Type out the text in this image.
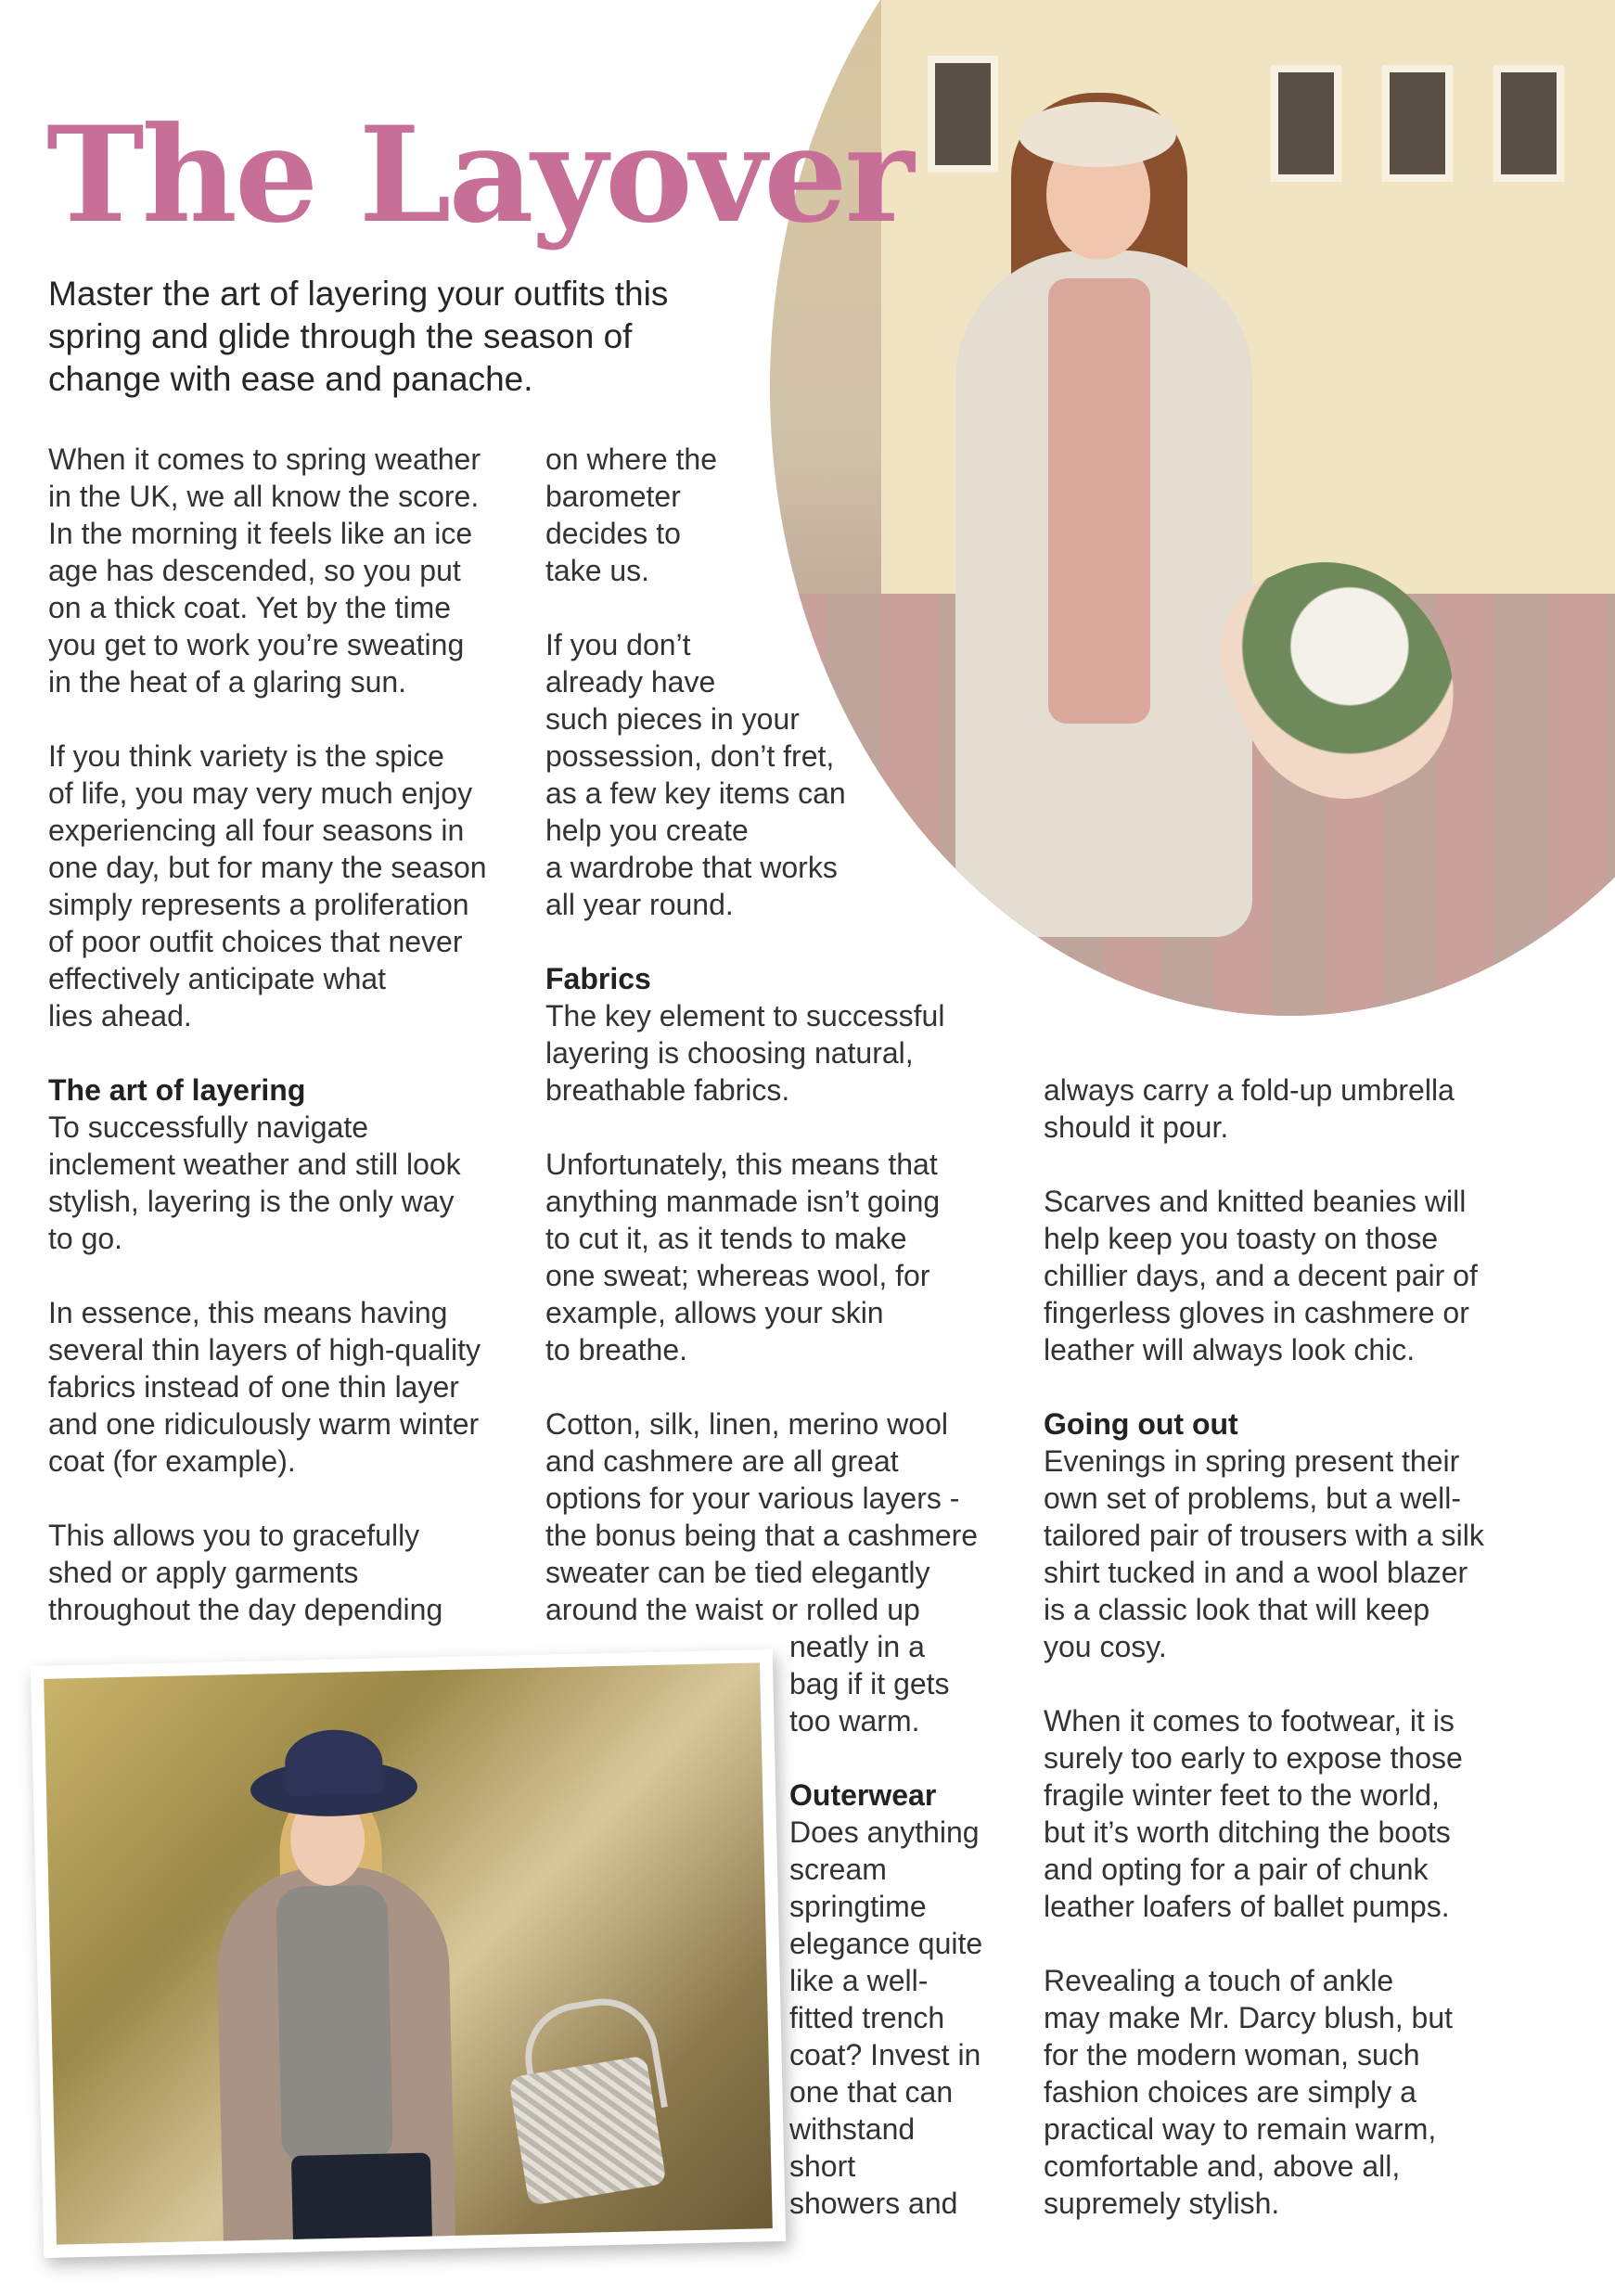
The Layover
Master the art of layering your outfits this
spring and glide through the season of
change with ease and panache.

When it comes to spring weather
in the UK, we all know the score.
In the morning it feels like an ice
age has descended, so you put
on a thick coat. Yet by the time
you get to work you’re sweating
in the heat of a glaring sun.

If you think variety is the spice
of life, you may very much enjoy
experiencing all four seasons in
one day, but for many the season
simply represents a proliferation
of poor outfit choices that never
effectively anticipate what
lies ahead.

The art of layering

To successfully navigate
inclement weather and still look
stylish, layering is the only way
to go.

In essence, this means having
several thin layers of high-quality
fabrics instead of one thin layer
and one ridiculously warm winter
coat (for example).

This allows you to gracefully
shed or apply garments
throughout the day depending

on where the
barometer
decides to
take us.

If you don’t
already have
such pieces in your
possession, don’t fret,
as a few key items can
help you create
a wardrobe that works
all year round.

Fabrics

The key element to successful
layering is choosing natural,
breathable fabrics.

Unfortunately, this means that
anything manmade isn’t going
to cut it, as it tends to make
one sweat; whereas wool, for
example, allows your skin
to breathe.

Cotton, silk, linen, merino wool
and cashmere are all great
options for your various layers -
the bonus being that a cashmere
sweater can be tied elegantly
around the waist or rolled up

neatly in a
bag if it gets
too warm.

Outerwear

Does anything
scream
springtime
elegance quite
like a well-
fitted trench
coat? Invest in
one that can
withstand
short
showers and

always carry a fold-up umbrella
should it pour.

Scarves and knitted beanies will
help keep you toasty on those
chillier days, and a decent pair of
fingerless gloves in cashmere or
leather will always look chic.

Going out out

Evenings in spring present their
own set of problems, but a well-
tailored pair of trousers with a silk
shirt tucked in and a wool blazer
is a classic look that will keep
you cosy.

When it comes to footwear, it is
surely too early to expose those
fragile winter feet to the world,
but it’s worth ditching the boots
and opting for a pair of chunk
leather loafers of ballet pumps.

Revealing a touch of ankle
may make Mr. Darcy blush, but
for the modern woman, such
fashion choices are simply a
practical way to remain warm,
comfortable and, above all,
supremely stylish.
